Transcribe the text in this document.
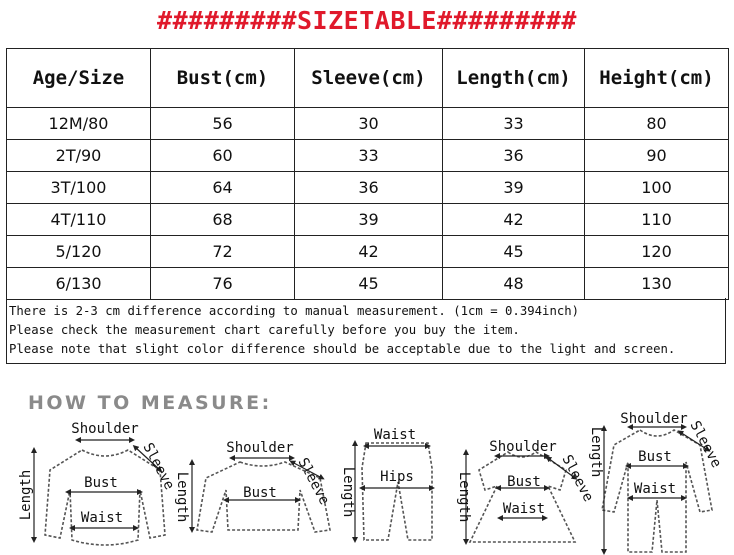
#########SIZETABLE#########
Age/Size	Bust(cm)	Sleeve(cm)	Length(cm)	Height(cm)
12M/80	56	30	33	80
2T/90	60	33	36	90
3T/100	64	36	39	100
4T/110	68	39	42	110
5/120	72	42	45	120
6/130	76	45	48	130
There is 2-3 cm difference according to manual measurement. (1cm = 0.394inch)
Please check the measurement chart carefully before you buy the item.
Please note that slight color difference should be acceptable due to the light and screen.
HOW TO MEASURE:
Shoulder
Sleeve
Bust
Waist
Length
Shoulder
Sleeve
Bust
Length
Waist
Hips
Length
Shoulder
Sleeve
Bust
Waist
Length
Shoulder
Sleeve
Bust
Waist
Length
